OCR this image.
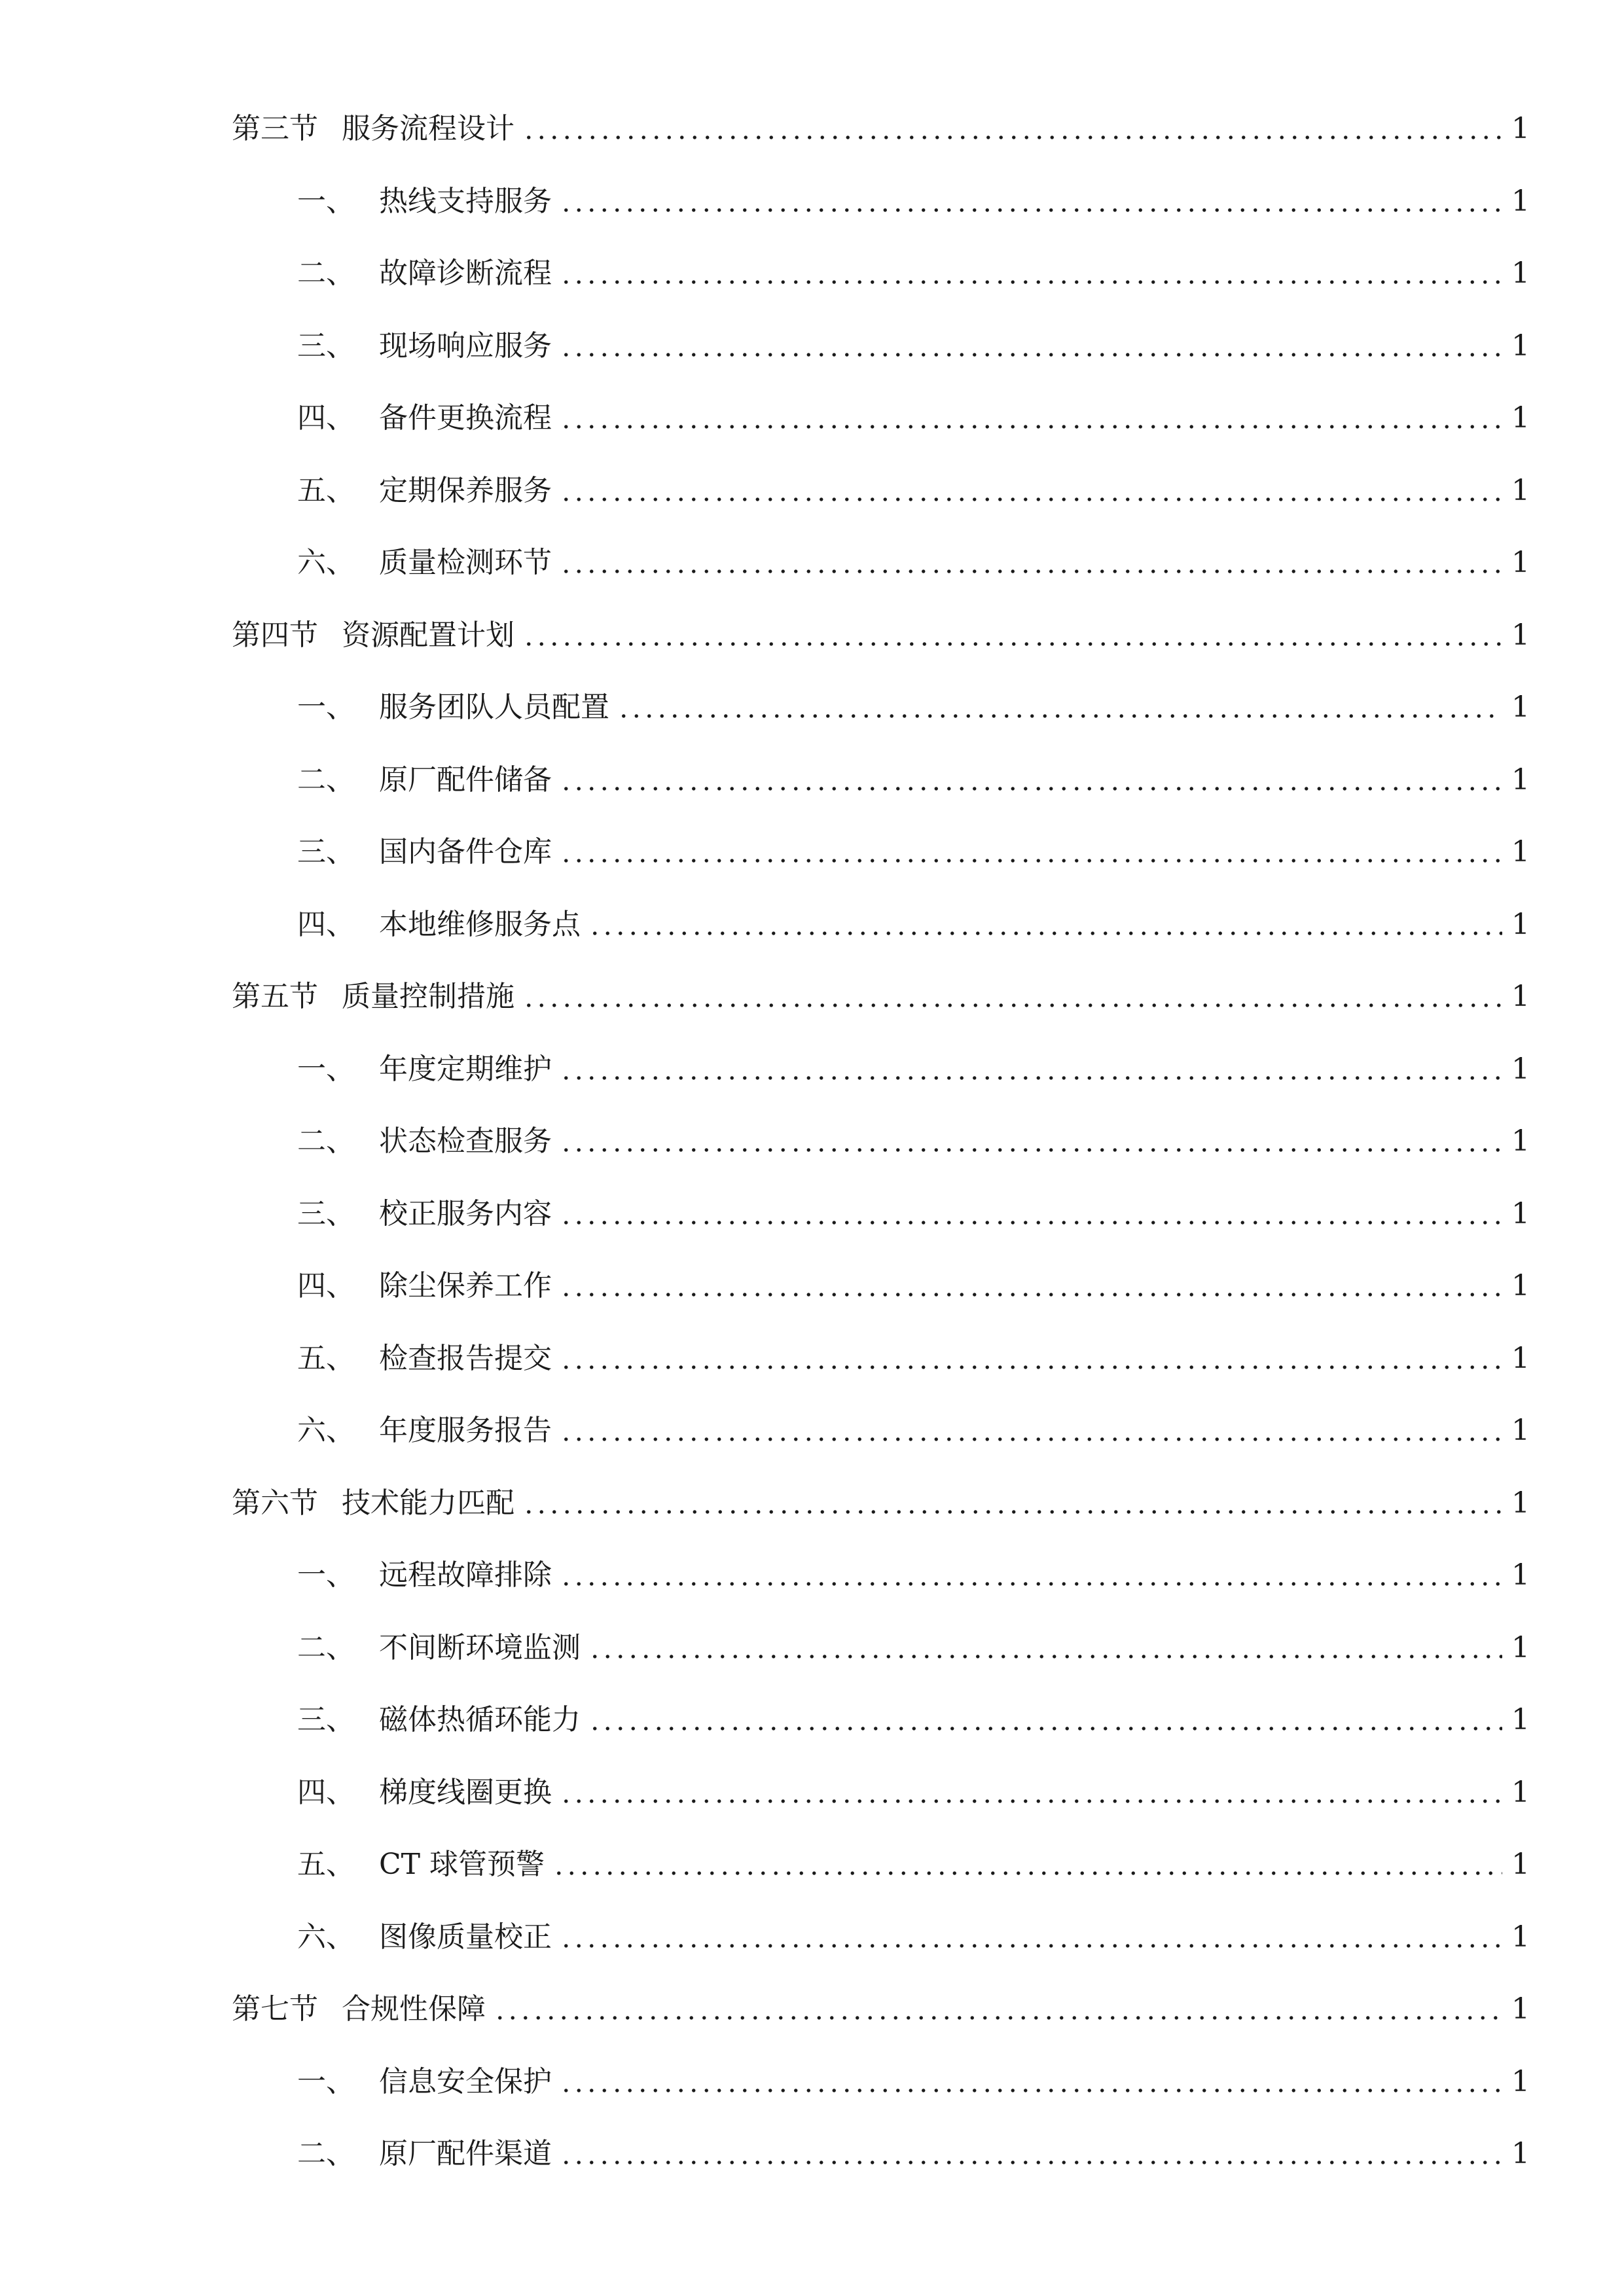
第三节 服务流程设计	1
一、 热线支持服务	1
二、 故障诊断流程	1
三、 现场响应服务	1
四、 备件更换流程	1
五、 定期保养服务	1
六、 质量检测环节	1
第四节 资源配置计划	1
一、 服务团队人员配置	1
二、 原厂配件储备	1
三、 国内备件仓库	1
四、 本地维修服务点	1
第五节 质量控制措施	1
一、 年度定期维护	1
二、 状态检查服务	1
三、 校正服务内容	1
四、 除尘保养工作	1
五、 检查报告提交	1
六、 年度服务报告	1
第六节 技术能力匹配	1
一、 远程故障排除	1
二、 不间断环境监测	1
三、 磁体热循环能力	1
四、 梯度线圈更换	1
五、 CT 球管预警	1
六、 图像质量校正	1
第七节 合规性保障	1
一、 信息安全保护	1
二、 原厂配件渠道	1
